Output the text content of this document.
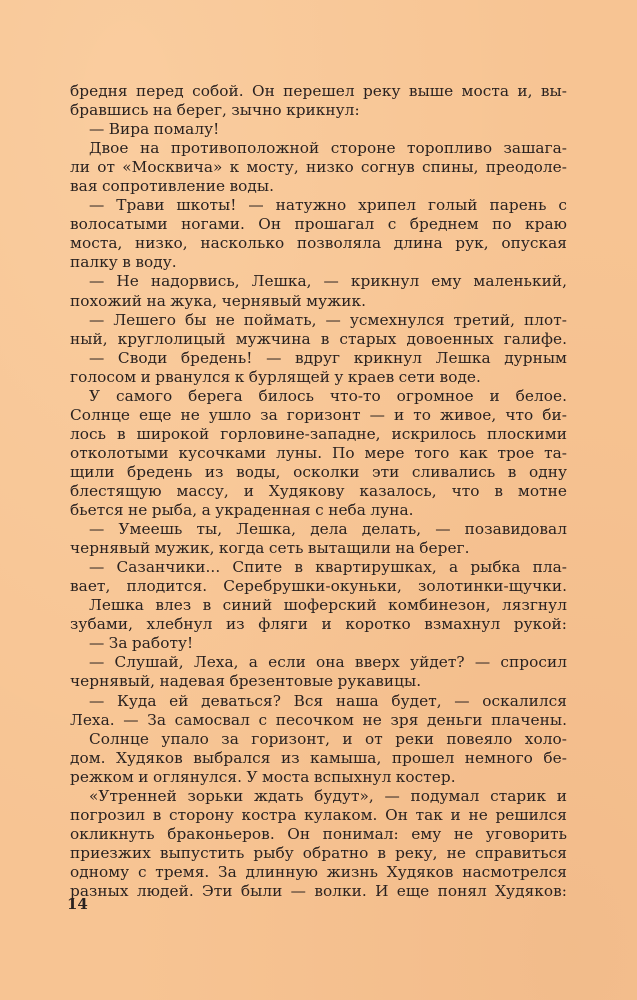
бредня перед собой. Он перешел реку выше моста и, вы-
бравшись на берег, зычно крикнул:
— Вира помалу!
Двое на противоположной стороне торопливо зашага-
ли от «Москвича» к мосту, низко согнув спины, преодоле-
вая сопротивление воды.
— Трави шкоты! — натужно хрипел голый парень с
волосатыми ногами. Он прошагал с бреднем по краю
моста, низко, насколько позволяла длина рук, опуская
палку в воду.
— Не надорвись, Лешка, — крикнул ему маленький,
похожий на жука, чернявый мужик.
— Лешего бы не поймать, — усмехнулся третий, плот-
ный, круглолицый мужчина в старых довоенных галифе.
— Своди бредень! — вдруг крикнул Лешка дурным
голосом и рванулся к бурлящей у краев сети воде.
У самого берега билось что-то огромное и белое.
Солнце еще не ушло за горизонт — и то живое, что би-
лось в широкой горловине-западне, искрилось плоскими
отколотыми кусочками луны. По мере того как трое та-
щили бредень из воды, осколки эти сливались в одну
блестящую массу, и Худякову казалось, что в мотне
бьется не рыба, а украденная с неба луна.
— Умеешь ты, Лешка, дела делать, — позавидовал
чернявый мужик, когда сеть вытащили на берег.
— Сазанчики... Спите в квартирушках, а рыбка пла-
вает, плодится. Серебрушки-окуньки, золотинки-щучки.
Лешка влез в синий шоферский комбинезон, лязгнул
зубами, хлебнул из фляги и коротко взмахнул рукой:
— За работу!
— Слушай, Леха, а если она вверх уйдет? — спросил
чернявый, надевая брезентовые рукавицы.
— Куда ей деваться? Вся наша будет, — оскалился
Леха. — За самосвал с песочком не зря деньги плачены.
Солнце упало за горизонт, и от реки повеяло холо-
дом. Худяков выбрался из камыша, прошел немного бе-
режком и оглянулся. У моста вспыхнул костер.
«Утренней зорьки ждать будут», — подумал старик и
погрозил в сторону костра кулаком. Он так и не решился
окликнуть браконьеров. Он понимал: ему не уговорить
приезжих выпустить рыбу обратно в реку, не справиться
одному с тремя. За длинную жизнь Худяков насмотрелся
разных людей. Эти были — волки. И еще понял Худяков:
14
